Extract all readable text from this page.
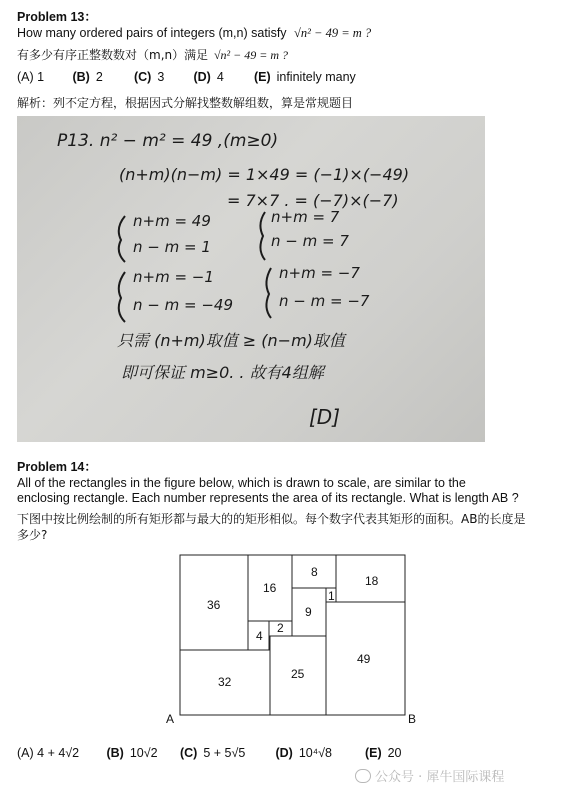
Problem 13：
How many ordered pairs of integers (m,n) satisfy √n² − 49 = m ?
有多少有序正整数数对（m,n）满足 √n² − 49 = m ?
(A) 1 (B) 2 (C) 3 (D) 4 (E) infinitely many
解析：列不定方程，根据因式分解找整数解组数，算是常规题目
P13. n² − m² = 49 ,(m≥0)
(n+m)(n−m) = 1×49 = (−1)×(−49)
= 7×7 . = (−7)×(−7)
n+m = 49
n − m = 1
n+m = 7
n − m = 7
n+m = −1
n − m = −49
n+m = −7
n − m = −7
只需 (n+m)取值 ≥ (n−m)取值
即可保证 m≥0. . 故有4组解
[D]
Problem 14：
All of the rectangles in the figure below, which is drawn to scale, are similar to the
enclosing rectangle. Each number represents the area of its rectangle. What is length AB ?
下图中按比例绘制的所有矩形都与最大的的矩形相似。每个数字代表其矩形的面积。AB的长度是
多少?
36
16
8
18
1
9
4
2
49
32
25
A	B
(A) 4 + 4√2 (B) 10√2 (C) 5 + 5√5 (D) 10⁴√8	(E) 20
公众号 · 犀牛国际课程
